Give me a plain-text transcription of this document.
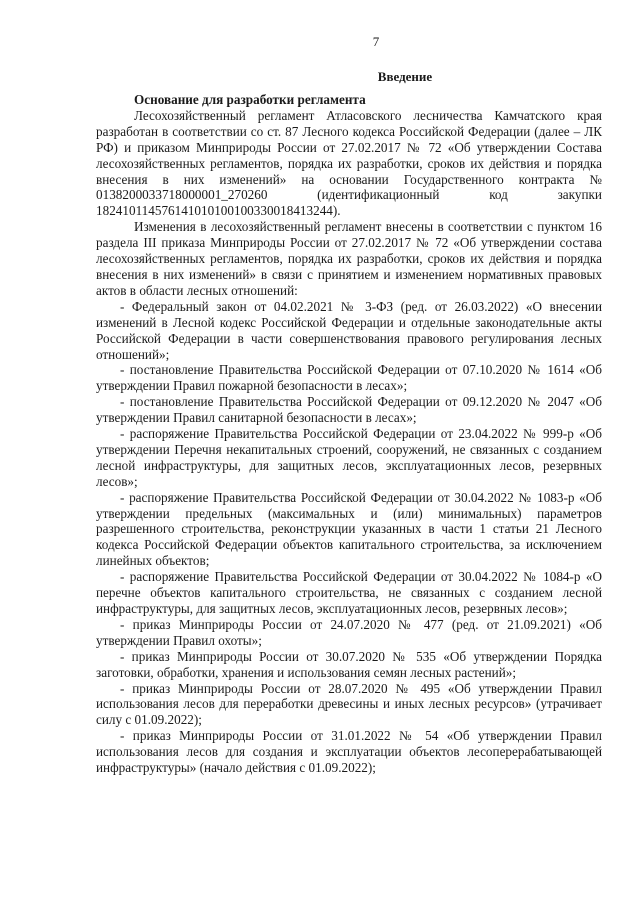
7
Введение

Основание для разработки регламента

Лесохозяйственный регламент Атласовского лесничества Камчатского края разработан в соответствии со ст. 87 Лесного кодекса Российской Федерации (далее – ЛК РФ) и приказом Минприроды России от 27.02.2017 № 72 «Об утверждении Состава лесохозяйственных регламентов, порядка их разработки, сроков их действия и порядка внесения в них изменений» на основании Государственного контракта № 0138200033718000001_270260 (идентификационный код закупки 182410114576141010100100330018413244).

Изменения в лесохозяйственный регламент внесены в соответствии с пунктом 16 раздела III приказа Минприроды России от 27.02.2017 № 72 «Об утверждении состава лесохозяйственных регламентов, порядка их разработки, сроков их действия и порядка внесения в них изменений» в связи с принятием и изменением нормативных правовых актов в области лесных отношений:

- Федеральный закон от 04.02.2021 № 3-ФЗ (ред. от 26.03.2022) «О внесении изменений в Лесной кодекс Российской Федерации и отдельные законодательные акты Российской Федерации в части совершенствования правового регулирования лесных отношений»;

- постановление Правительства Российской Федерации от 07.10.2020 № 1614 «Об утверждении Правил пожарной безопасности в лесах»;

- постановление Правительства Российской Федерации от 09.12.2020 № 2047 «Об утверждении Правил санитарной безопасности в лесах»;

- распоряжение Правительства Российской Федерации от 23.04.2022 № 999-р «Об утверждении Перечня некапитальных строений, сооружений, не связанных с созданием лесной инфраструктуры, для защитных лесов, эксплуатационных лесов, резервных лесов»;

- распоряжение Правительства Российской Федерации от 30.04.2022 № 1083-р «Об утверждении предельных (максимальных и (или) минимальных) параметров разрешенного строительства, реконструкции указанных в части 1 статьи 21 Лесного кодекса Российской Федерации объектов капитального строительства, за исключением линейных объектов;

- распоряжение Правительства Российской Федерации от 30.04.2022 № 1084-р «О перечне объектов капитального строительства, не связанных с созданием лесной инфраструктуры, для защитных лесов, эксплуатационных лесов, резервных лесов»;

- приказ Минприроды России от 24.07.2020 № 477 (ред. от 21.09.2021) «Об утверждении Правил охоты»;

- приказ Минприроды России от 30.07.2020 № 535 «Об утверждении Порядка заготовки, обработки, хранения и использования семян лесных растений»;

- приказ Минприроды России от 28.07.2020 № 495 «Об утверждении Правил использования лесов для переработки древесины и иных лесных ресурсов» (утрачивает силу с 01.09.2022);

- приказ Минприроды России от 31.01.2022 № 54 «Об утверждении Правил использования лесов для создания и эксплуатации объектов лесоперерабатывающей инфраструктуры» (начало действия с 01.09.2022);
